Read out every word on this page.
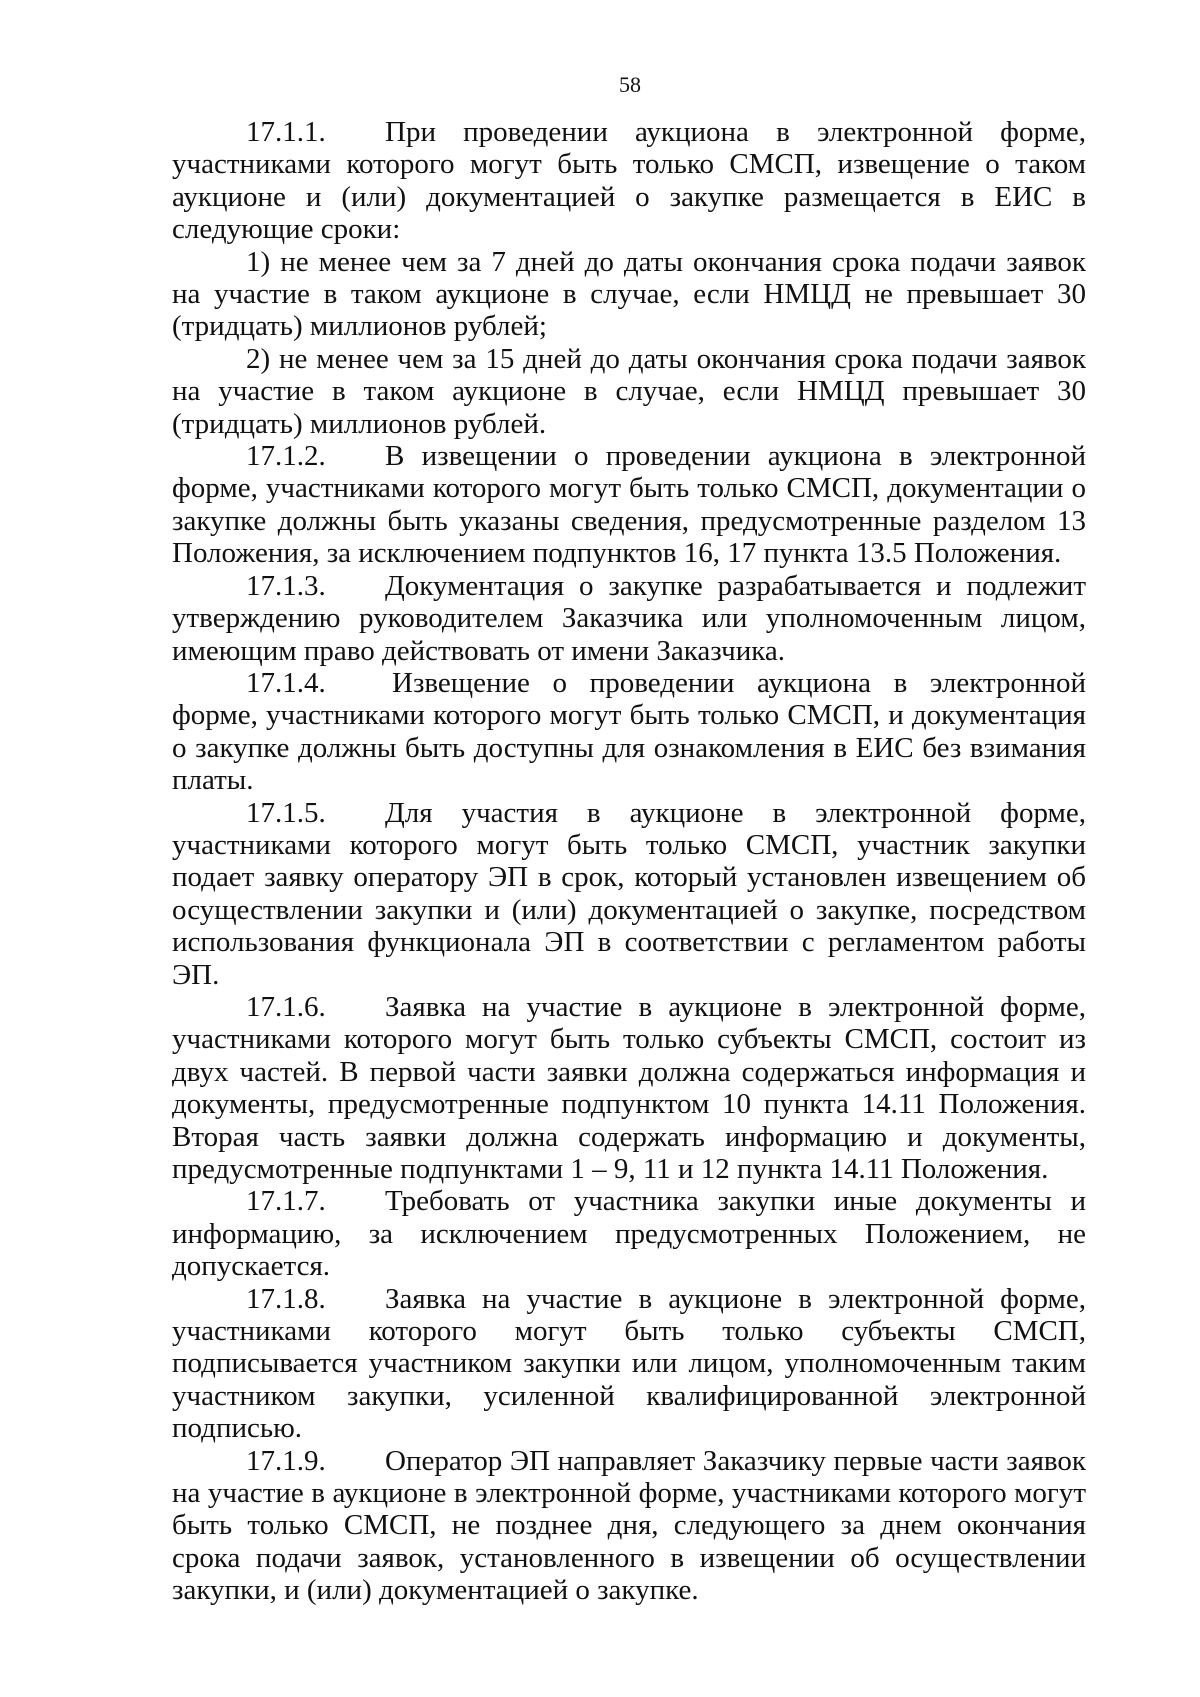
58

17.1.1. При проведении аукциона в электронной форме, участниками которого могут быть только СМСП, извещение о таком аукционе и (или) документацией о закупке размещается в ЕИС в следующие сроки:

1) не менее чем за 7 дней до даты окончания срока подачи заявок на участие в таком аукционе в случае, если НМЦД не превышает 30 (тридцать) миллионов рублей;

2) не менее чем за 15 дней до даты окончания срока подачи заявок на участие в таком аукционе в случае, если НМЦД превышает 30 (тридцать) миллионов рублей.

17.1.2. В извещении о проведении аукциона в электронной форме, участниками которого могут быть только СМСП, документации о закупке должны быть указаны сведения, предусмотренные разделом 13 Положения, за исключением подпунктов 16, 17 пункта 13.5 Положения.

17.1.3. Документация о закупке разрабатывается и подлежит утверждению руководителем Заказчика или уполномоченным лицом, имеющим право действовать от имени Заказчика.

17.1.4. Извещение о проведении аукциона в электронной форме, участниками которого могут быть только СМСП, и документация о закупке должны быть доступны для ознакомления в ЕИС без взимания платы.

17.1.5. Для участия в аукционе в электронной форме, участниками которого могут быть только СМСП, участник закупки подает заявку оператору ЭП в срок, который установлен извещением об осуществлении закупки и (или) документацией о закупке, посредством использования функционала ЭП в соответствии с регламентом работы ЭП.

17.1.6. Заявка на участие в аукционе в электронной форме, участниками которого могут быть только субъекты СМСП, состоит из двух частей. В первой части заявки должна содержаться информация и документы, предусмотренные подпунктом 10 пункта 14.11 Положения. Вторая часть заявки должна содержать информацию и документы, предусмотренные подпунктами 1 – 9, 11 и 12 пункта 14.11 Положения.

17.1.7. Требовать от участника закупки иные документы и информацию, за исключением предусмотренных Положением, не допускается.

17.1.8. Заявка на участие в аукционе в электронной форме, участниками которого могут быть только субъекты СМСП, подписывается участником закупки или лицом, уполномоченным таким участником закупки, усиленной квалифицированной электронной подписью.

17.1.9. Оператор ЭП направляет Заказчику первые части заявок на участие в аукционе в электронной форме, участниками которого могут быть только СМСП, не позднее дня, следующего за днем окончания срока подачи заявок, установленного в извещении об осуществлении закупки, и (или) документацией о закупке.
